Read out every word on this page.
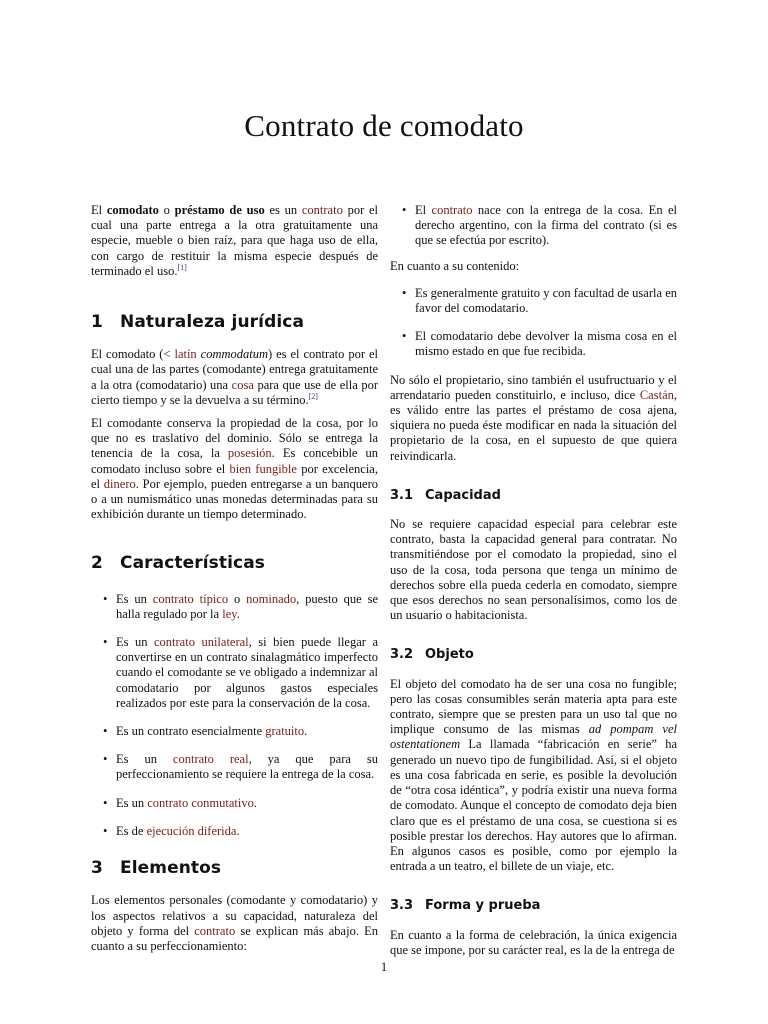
Contrato de comodato

El comodato o préstamo de uso es un contrato por el cual una parte entrega a la otra gratuitamente una especie, mueble o bien raíz, para que haga uso de ella, con cargo de restituir la misma especie después de terminado el uso.[1]

1 Naturaleza jurídica

El comodato (< latín commodatum) es el contrato por el cual una de las partes (comodante) entrega gratuitamente a la otra (comodatario) una cosa para que use de ella por cierto tiempo y se la devuelva a su término.[2]

El comodante conserva la propiedad de la cosa, por lo que no es traslativo del dominio. Sólo se entrega la tenencia de la cosa, la posesión. Es concebible un comodato incluso sobre el bien fungible por excelencia, el dinero. Por ejemplo, pueden entregarse a un banquero o a un numismático unas monedas determinadas para su exhibición durante un tiempo determinado.

2 Características
• Es un contrato típico o nominado, puesto que se halla regulado por la ley.
• Es un contrato unilateral, si bien puede llegar a convertirse en un contrato sinalagmático imperfecto cuando el comodante se ve obligado a indemnizar al comodatario por algunos gastos especiales realizados por este para la conservación de la cosa.
• Es un contrato esencialmente gratuito.
• Es un contrato real, ya que para su perfeccionamiento se requiere la entrega de la cosa.
• Es un contrato conmutativo.
• Es de ejecución diferida.
3 Elementos

Los elementos personales (comodante y comodatario) y los aspectos relativos a su capacidad, naturaleza del objeto y forma del contrato se explican más abajo. En cuanto a su perfeccionamiento:

• El contrato nace con la entrega de la cosa. En el derecho argentino, con la firma del contrato (si es que se efectúa por escrito).

En cuanto a su contenido:

• Es generalmente gratuito y con facultad de usarla en favor del comodatario.
• El comodatario debe devolver la misma cosa en el mismo estado en que fue recibida.

No sólo el propietario, sino también el usufructuario y el arrendatario pueden constituirlo, e incluso, dice Castán, es válido entre las partes el préstamo de cosa ajena, siquiera no pueda éste modificar en nada la situación del propietario de la cosa, en el supuesto de que quiera reivindicarla.

3.1 Capacidad

No se requiere capacidad especial para celebrar este contrato, basta la capacidad general para contratar. No transmitiéndose por el comodato la propiedad, sino el uso de la cosa, toda persona que tenga un mínimo de derechos sobre ella pueda cederla en comodato, siempre que esos derechos no sean personalísimos, como los de un usuario o habitacionista.

3.2 Objeto

El objeto del comodato ha de ser una cosa no fungible; pero las cosas consumibles serán materia apta para este contrato, siempre que se presten para un uso tal que no implique consumo de las mismas ad pompam vel ostentationem La llamada “fabricación en serie” ha generado un nuevo tipo de fungibilidad. Así, si el objeto es una cosa fabricada en serie, es posible la devolución de “otra cosa idéntica”, y podría existir una nueva forma de comodato. Aunque el concepto de comodato deja bien claro que es el préstamo de una cosa, se cuestiona si es posible prestar los derechos. Hay autores que lo afirman. En algunos casos es posible, como por ejemplo la entrada a un teatro, el billete de un viaje, etc.

3.3 Forma y prueba

En cuanto a la forma de celebración, la única exigencia que se impone, por su carácter real, es la de la entrega de

1
